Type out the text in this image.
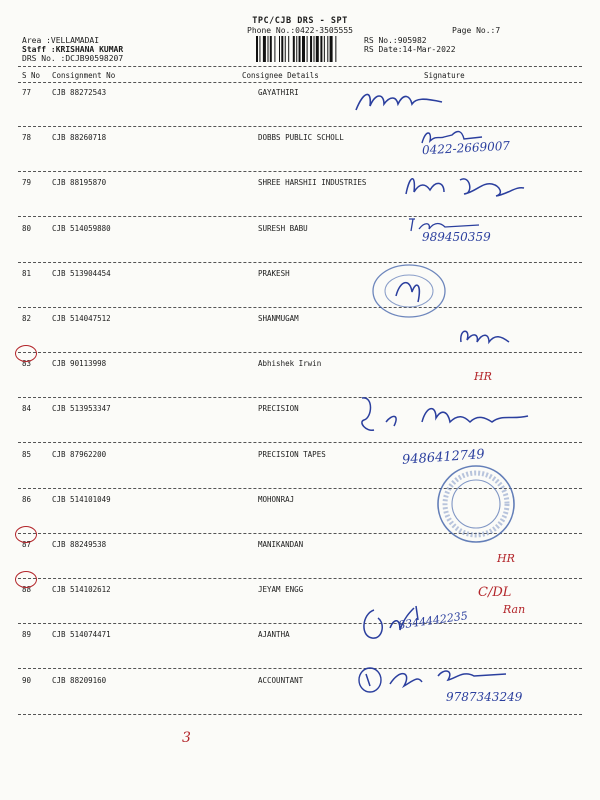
TPC/CJB DRS - SPT
Phone No.:0422-3505555	Page No.:7
Area :VELLAMADAI
Staff :KRISHANA KUMAR
DRS No. :DCJB90598207
RS No.:905982
RS Date:14-Mar-2022
S No Consignment No	Consignee Details	Signature
77	CJB 88272543	GAYATHIRI
78	CJB 88260718	DOBBS PUBLIC SCHOLL
79	CJB 88195870	SHREE HARSHII INDUSTRIES
80	CJB 514059880	SURESH BABU
81	CJB 513904454	PRAKESH
82	CJB 514047512	SHANMUGAM
83	CJB 90113998	Abhishek Irwin
84	CJB 513953347	PRECISION
85	CJB 87962200	PRECISION TAPES
86	CJB 514101049	MOHONRAJ
87	CJB 88249538	MANIKANDAN
88	CJB 514102612	JEYAM ENGG
89	CJB 514074471	AJANTHA
90	CJB 88209160	ACCOUNTANT
0422-2669007
989450359
HR
9486412749
HR
C/DL
Ran
8344442235
9787343249
3
